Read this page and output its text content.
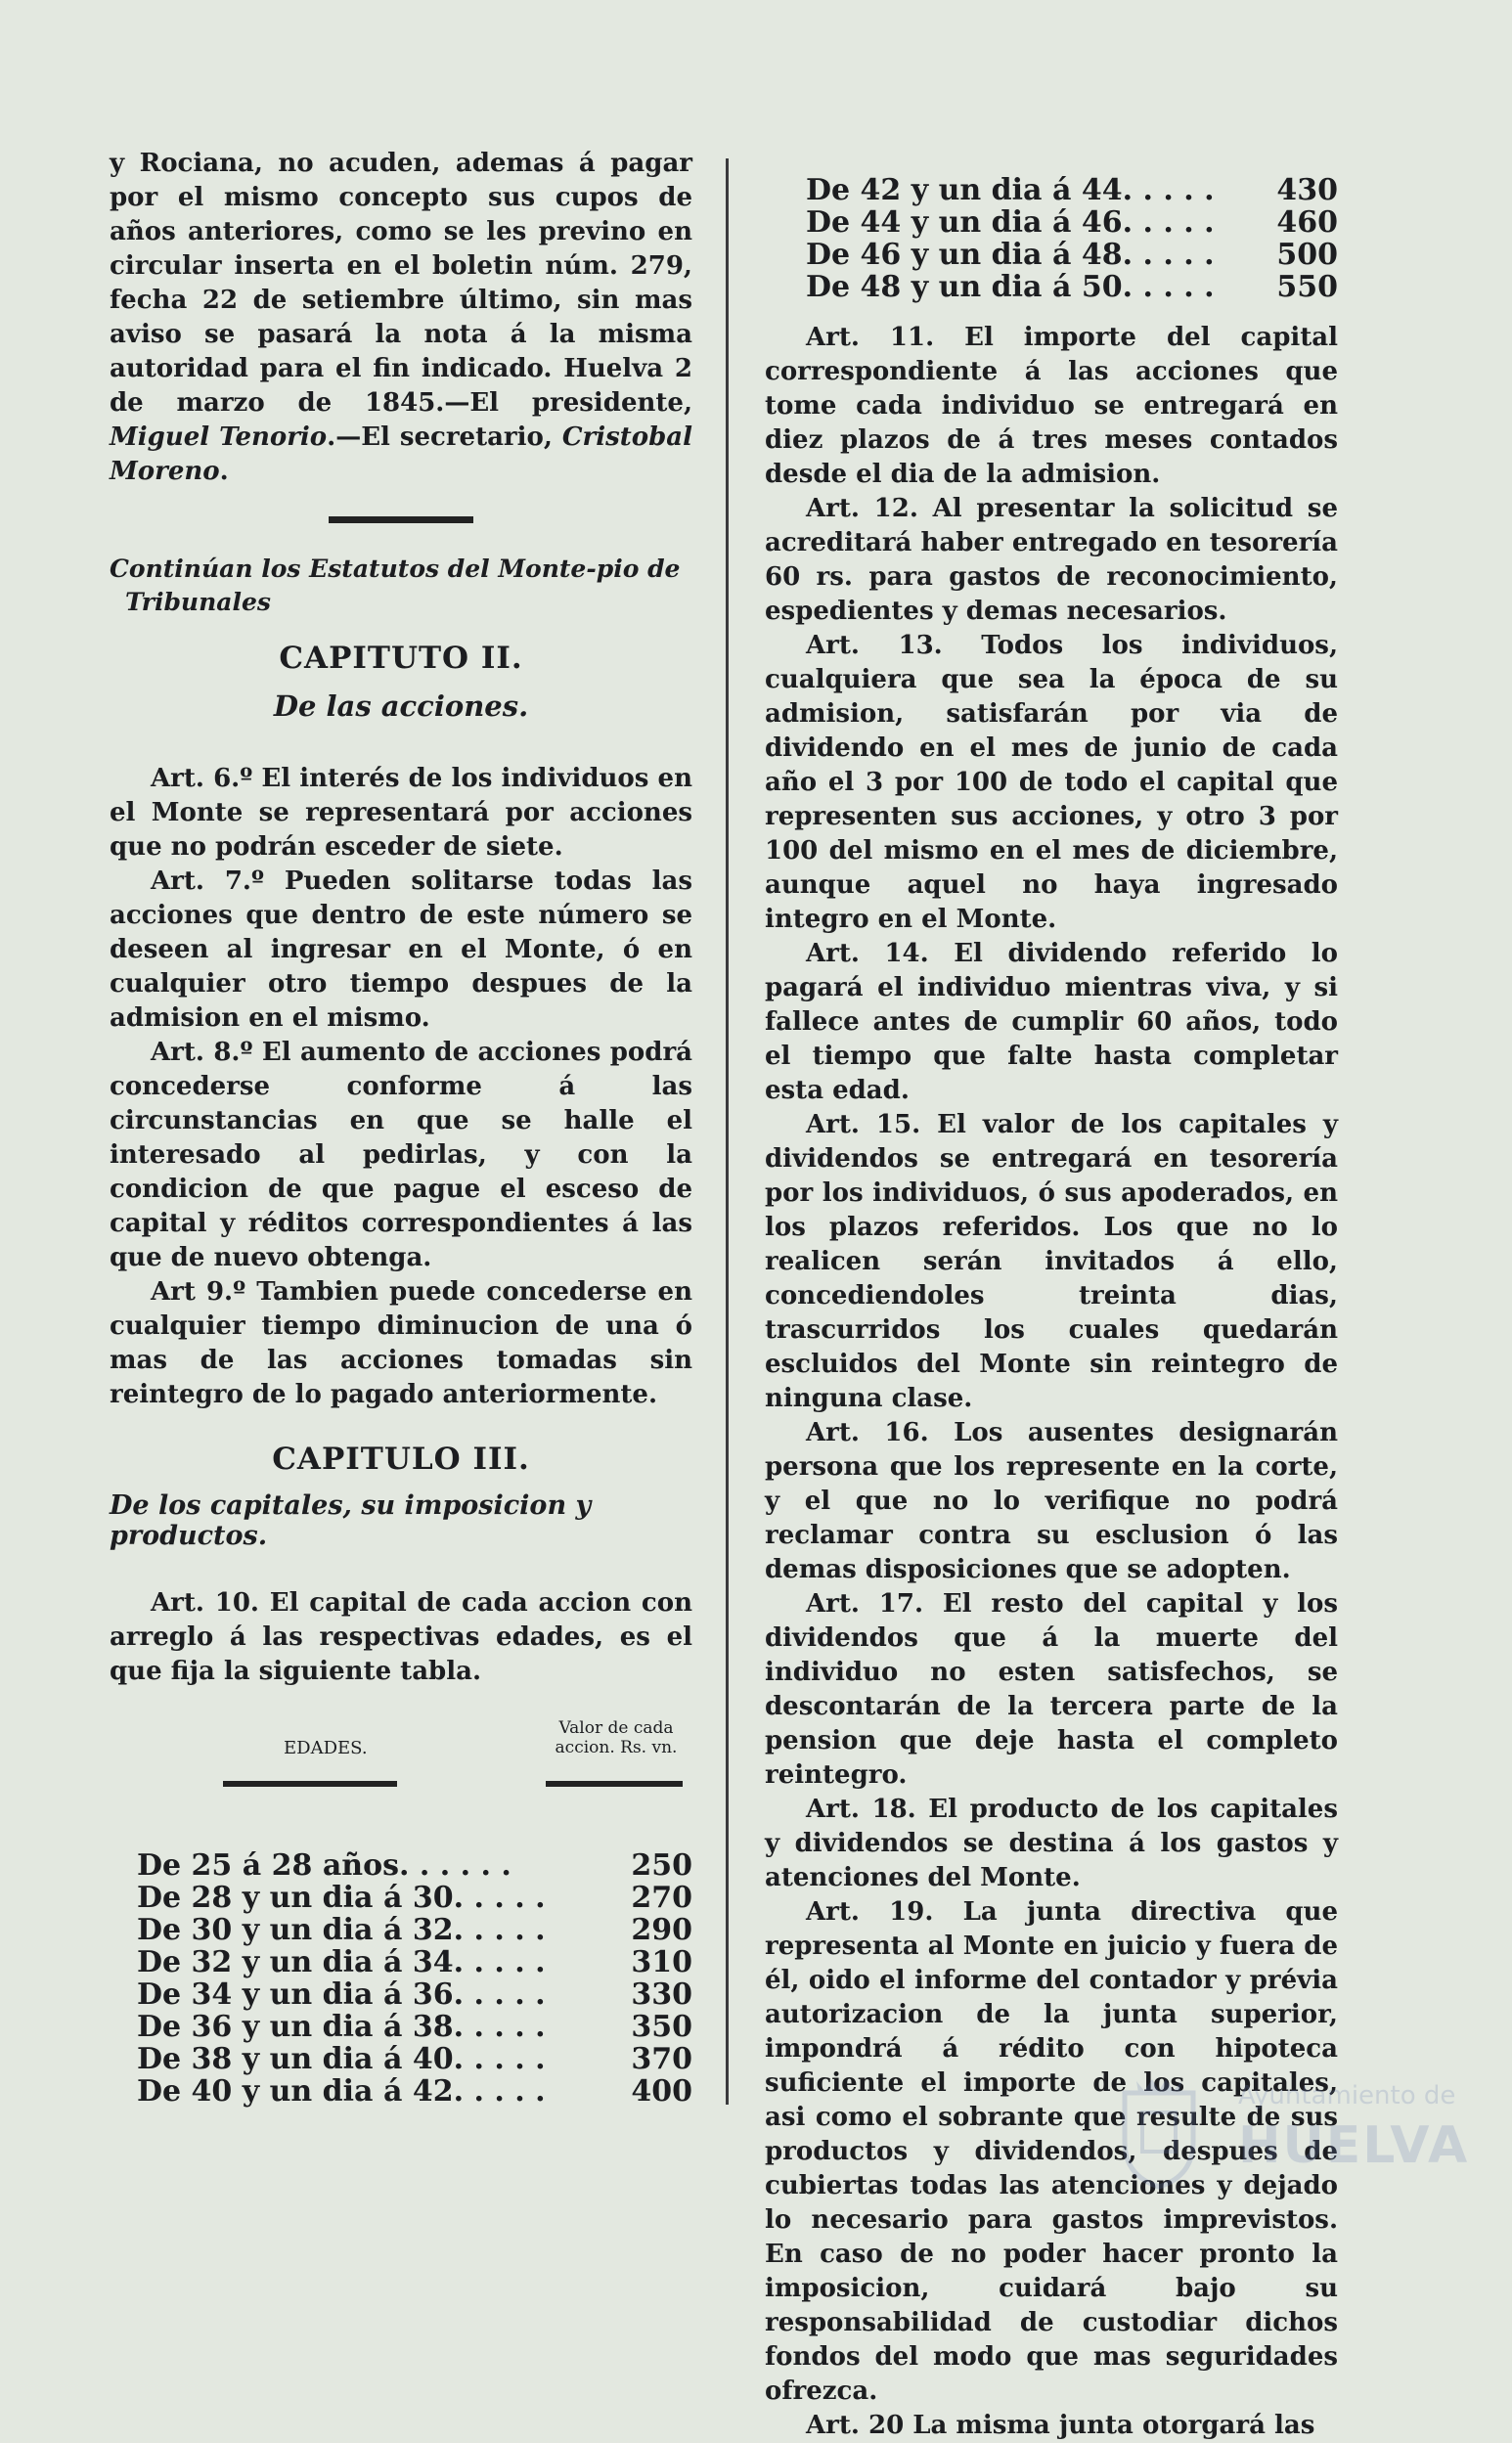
y Rociana, no acuden, ademas á pagar por el mismo concepto sus cupos de años anteriores, como se les previno en circular inserta en el boletin núm. 279, fecha 22 de setiembre último, sin mas aviso se pasará la nota á la misma autoridad para el fin indicado. Huelva 2 de marzo de 1845.—El presidente, Miguel Tenorio.—El secretario, Cristobal Moreno.

Continúan los Estatutos del Monte-pio de Tribunales
CAPITUTO II.
De las acciones.

Art. 6.º El interés de los individuos en el Monte se representará por acciones que no podrán esceder de siete.

Art. 7.º Pueden solitarse todas las acciones que dentro de este número se deseen al ingresar en el Monte, ó en cualquier otro tiempo despues de la admision en el mismo.

Art. 8.º El aumento de acciones podrá concederse conforme á las circunstancias en que se halle el interesado al pedirlas, y con la condicion de que pague el esceso de capital y réditos correspondientes á las que de nuevo obtenga.

Art 9.º Tambien puede concederse en cualquier tiempo diminucion de una ó mas de las acciones tomadas sin reintegro de lo pagado anteriormente.

CAPITULO III.
De los capitales, su imposicion y productos.

Art. 10. El capital de cada accion con arreglo á las respectivas edades, es el que fija la siguiente tabla.

EDADES.
Valor de cada accion. Rs. vn.
De 25 á 28 años . . . . . .	250
De 28 y un dia á 30 . . . . .	270
De 30 y un dia á 32 . . . . .	290
De 32 y un dia á 34 . . . . .	310
De 34 y un dia á 36 . . . . .	330
De 36 y un dia á 38 . . . . .	350
De 38 y un dia á 40 . . . . .	370
De 40 y un dia á 42 . . . . .	400
De 42 y un dia á 44 . . . . .	430
De 44 y un dia á 46 . . . . .	460
De 46 y un dia á 48 . . . . .	500
De 48 y un dia á 50 . . . . .	550

Art. 11. El importe del capital correspondiente á las acciones que tome cada individuo se entregará en diez plazos de á tres meses contados desde el dia de la admision.

Art. 12. Al presentar la solicitud se acreditará haber entregado en tesorería 60 rs. para gastos de reconocimiento, espedientes y demas necesarios.

Art. 13. Todos los individuos, cualquiera que sea la época de su admision, satisfarán por via de dividendo en el mes de junio de cada año el 3 por 100 de todo el capital que representen sus acciones, y otro 3 por 100 del mismo en el mes de diciembre, aunque aquel no haya ingresado integro en el Monte.

Art. 14. El dividendo referido lo pagará el individuo mientras viva, y si fallece antes de cumplir 60 años, todo el tiempo que falte hasta completar esta edad.

Art. 15. El valor de los capitales y dividendos se entregará en tesorería por los individuos, ó sus apoderados, en los plazos referidos. Los que no lo realicen serán invitados á ello, concediendoles treinta dias, trascurridos los cuales quedarán escluidos del Monte sin reintegro de ninguna clase.

Art. 16. Los ausentes designarán persona que los represente en la corte, y el que no lo verifique no podrá reclamar contra su esclusion ó las demas disposiciones que se adopten.

Art. 17. El resto del capital y los dividendos que á la muerte del individuo no esten satisfechos, se descontarán de la tercera parte de la pension que deje hasta el completo reintegro.

Art. 18. El producto de los capitales y dividendos se destina á los gastos y atenciones del Monte.

Art. 19. La junta directiva que representa al Monte en juicio y fuera de él, oido el informe del contador y prévia autorizacion de la junta superior, impondrá á rédito con hipoteca suficiente el importe de los capitales, asi como el sobrante que resulte de sus productos y dividendos, despues de cubiertas todas las atenciones y dejado lo necesario para gastos imprevistos. En caso de no poder hacer pronto la imposicion, cuidará bajo su responsabilidad de custodiar dichos fondos del modo que mas seguridades ofrezca.

Art. 20 La misma junta otorgará las

Ayuntamiento de
HUELVA
